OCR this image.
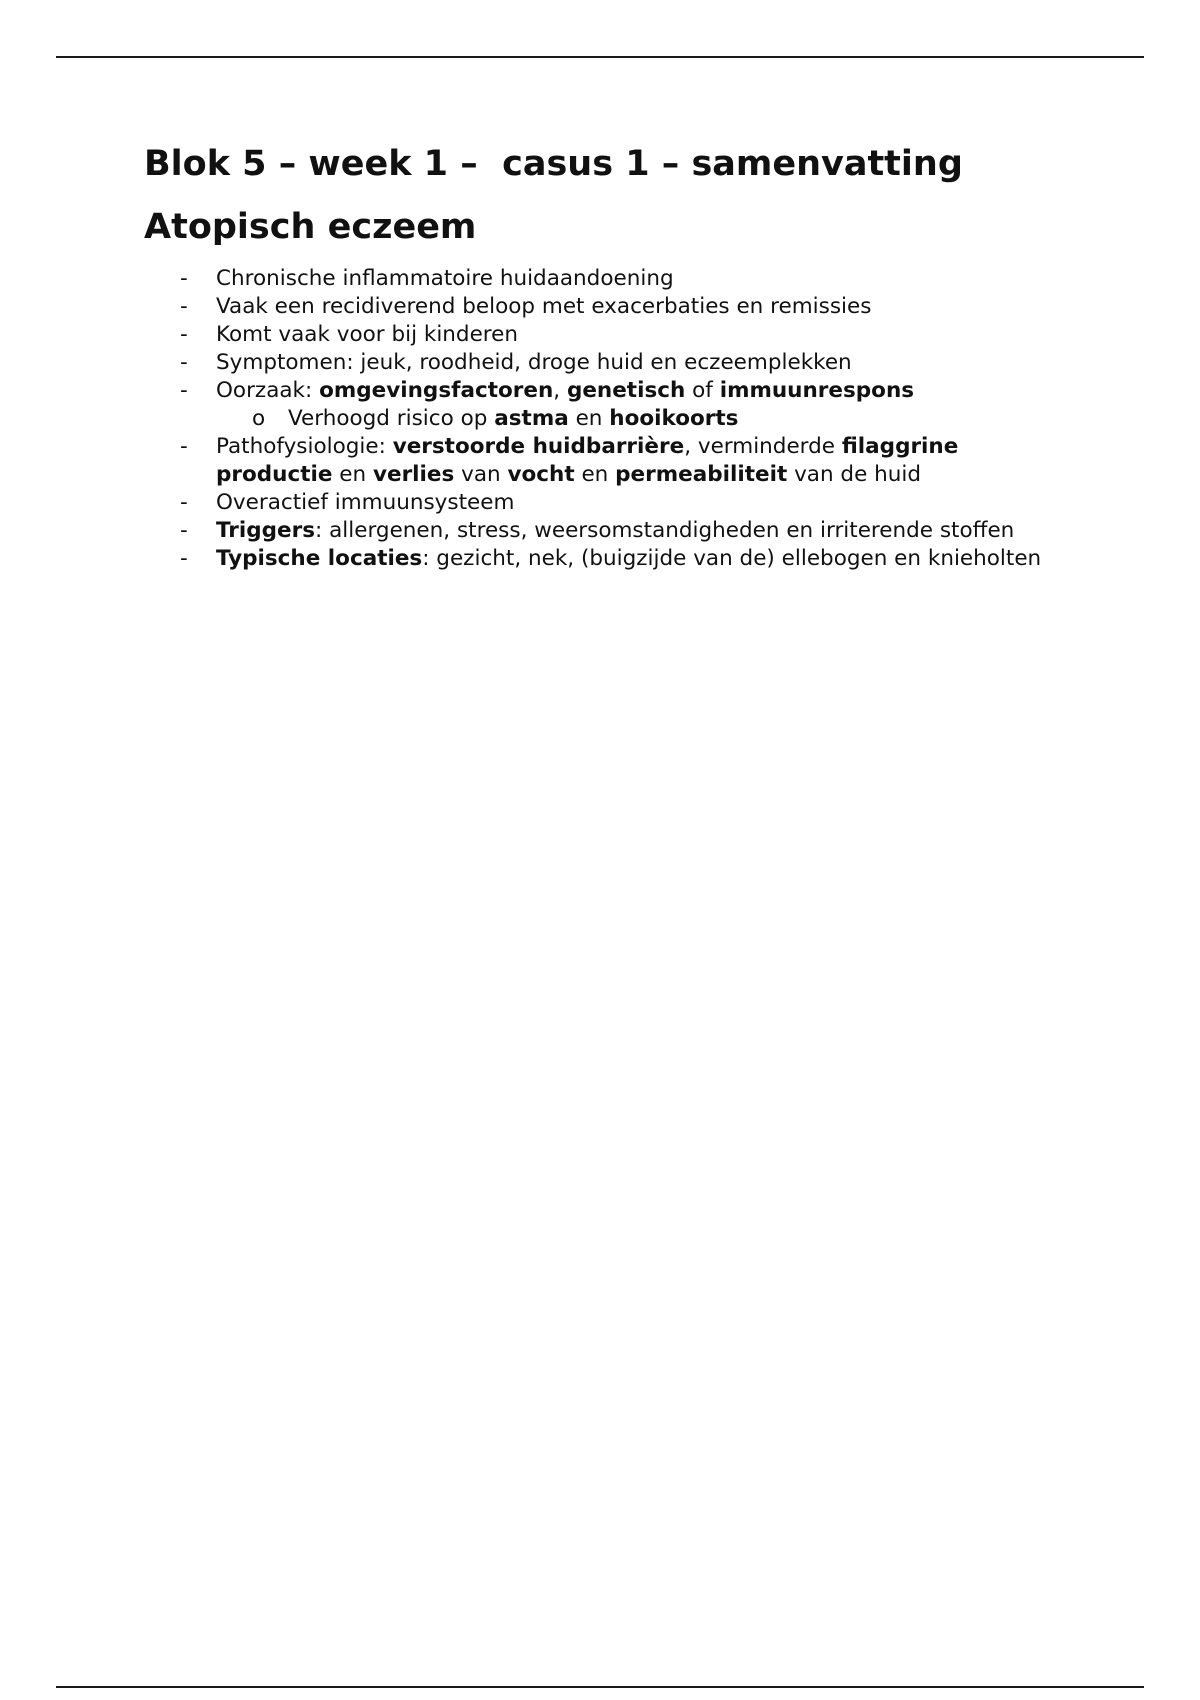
Blok 5 – week 1 –  casus 1 – samenvatting
Atopisch eczeem
- Chronische inflammatoire huidaandoening
- Vaak een recidiverend beloop met exacerbaties en remissies
- Komt vaak voor bij kinderen
- Symptomen: jeuk, roodheid, droge huid en eczeemplekken
- Oorzaak: omgevingsfactoren, genetisch of immuunrespons
o Verhoogd risico op astma en hooikoorts
- Pathofysiologie: verstoorde huidbarrière, verminderde filaggrine productie en verlies van vocht en permeabiliteit van de huid
- Overactief immuunsysteem
- Triggers: allergenen, stress, weersomstandigheden en irriterende stoffen
- Typische locaties: gezicht, nek, (buigzijde van de) ellebogen en knieholten
